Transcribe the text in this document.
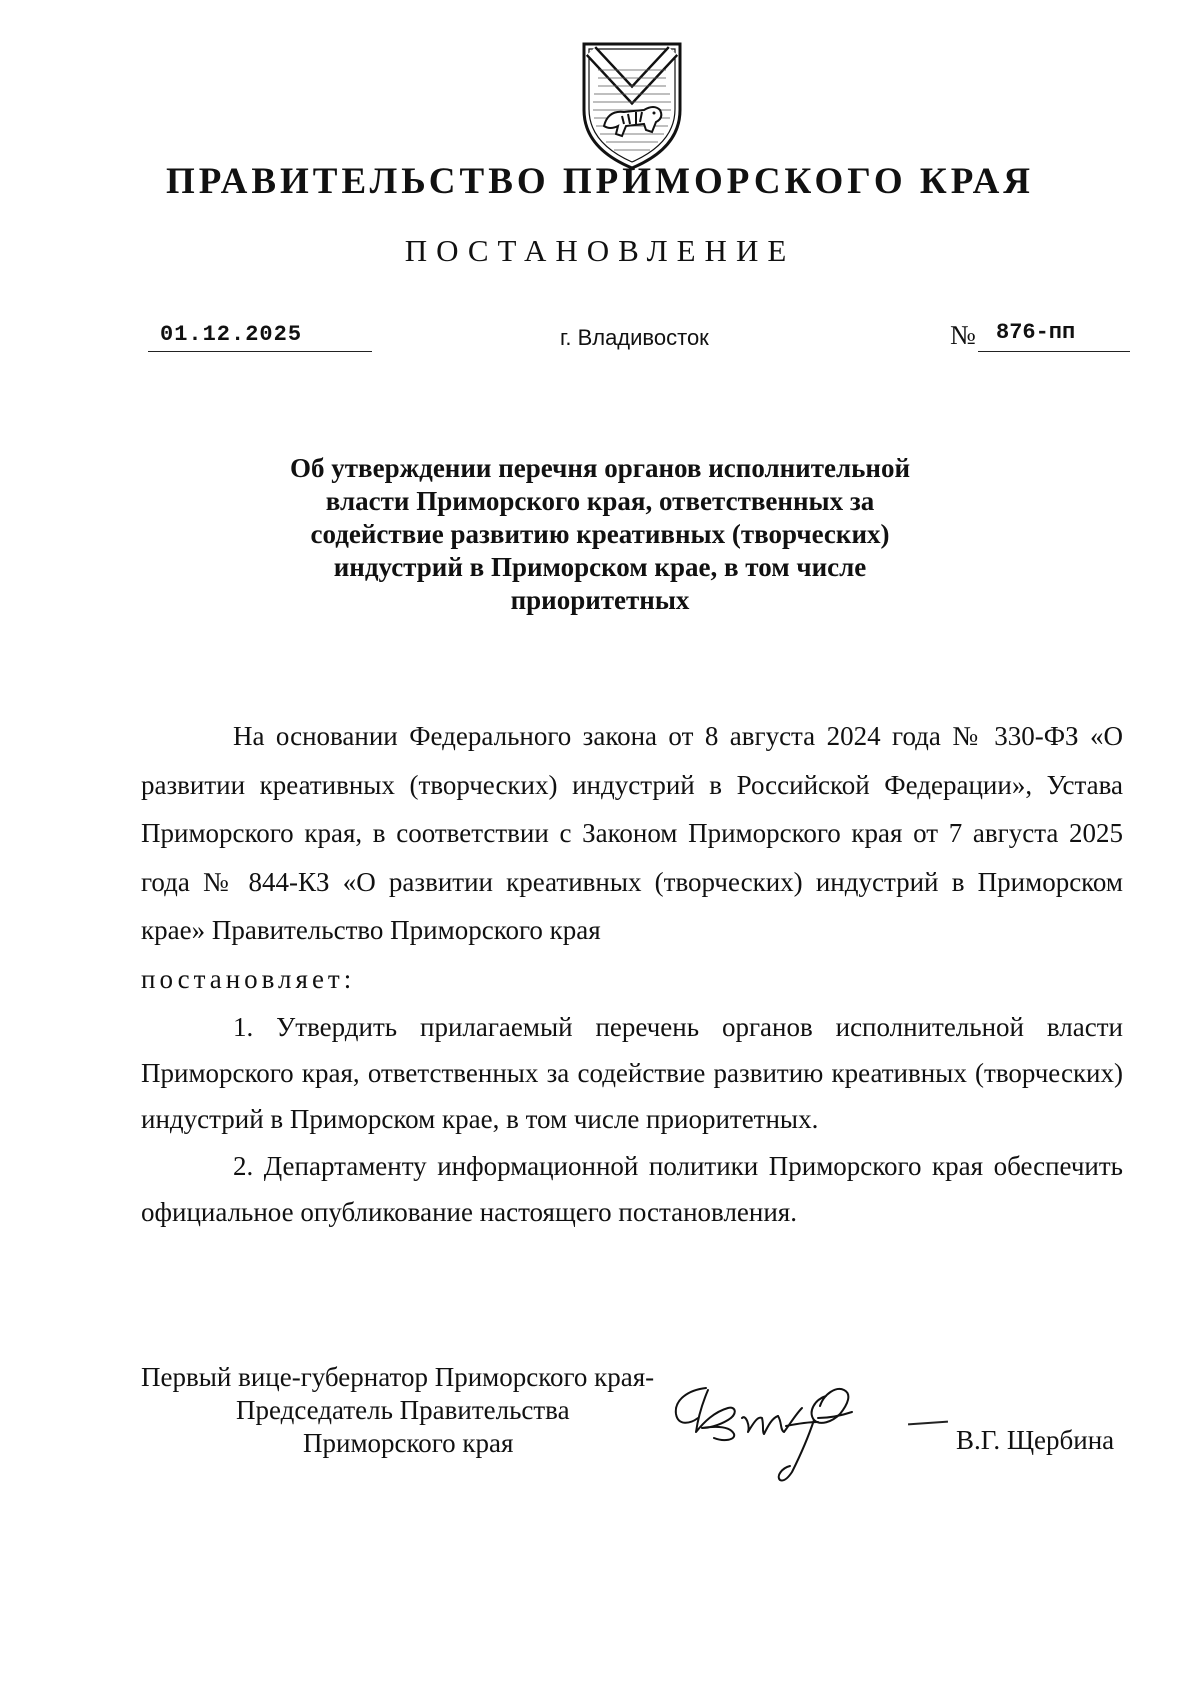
ПРАВИТЕЛЬСТВО ПРИМОРСКОГО КРАЯ
ПОСТАНОВЛЕНИЕ
01.12.2025	г. Владивосток	№ 876-пп
Об утверждении перечня органов исполнительной
власти Приморского края, ответственных за
содействие развитию креативных (творческих)
индустрий в Приморском крае, в том числе
приоритетных

На основании Федерального закона от 8 августа 2024 года № 330-ФЗ «О развитии креативных (творческих) индустрий в Российской Федерации», Устава Приморского края, в соответствии с Законом Приморского края от 7 августа 2025 года № 844-КЗ «О развитии креативных (творческих) индустрий в Приморском крае» Правительство Приморского края

постановляет:

1. Утвердить прилагаемый перечень органов исполнительной власти Приморского края, ответственных за содействие развитию креативных (творческих) индустрий в Приморском крае, в том числе приоритетных.

2. Департаменту информационной политики Приморского края обеспечить официальное опубликование настоящего постановления.

Первый вице-губернатор Приморского края-
Председатель Правительства
Приморского края	В.Г. Щербина
